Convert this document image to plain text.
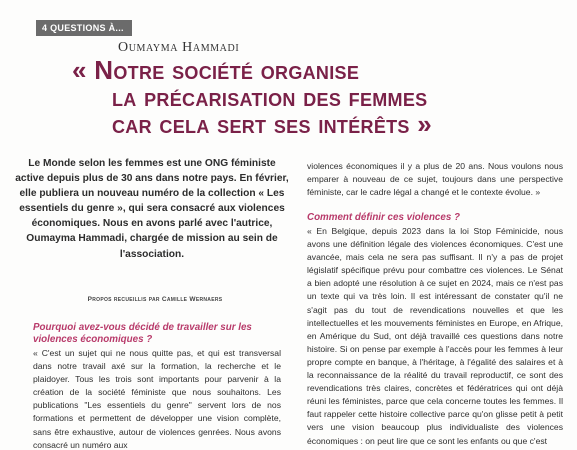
4 QUESTIONS À...
Oumayma Hammadi
« Notre société organise
la précarisation des femmes
car cela sert ses intérêts »

Le Monde selon les femmes est une ONG féministe active depuis plus de 30 ans dans notre pays. En février, elle publiera un nouveau numéro de la collection « Les essentiels du genre », qui sera consacré aux violences économiques. Nous en avons parlé avec l'autrice, Oumayma Hammadi, chargée de mission au sein de l'association.

Propos recueillis par Camille Wernaers
Pourquoi avez-vous décidé de travailler sur les violences économiques ?

« C'est un sujet qui ne nous quitte pas, et qui est transversal dans notre travail axé sur la formation, la recherche et le plaidoyer. Tous les trois sont importants pour parvenir à la création de la société féministe que nous souhaitons. Les publications "Les essentiels du genre" servent lors de nos formations et permettent de développer une vision complète, sans être exhaustive, autour de violences genrées. Nous avons consacré un numéro aux

violences économiques il y a plus de 20 ans. Nous voulons nous emparer à nouveau de ce sujet, toujours dans une perspective féministe, car le cadre légal a changé et le contexte évolue. »

Comment définir ces violences ?

« En Belgique, depuis 2023 dans la loi Stop Féminicide, nous avons une définition légale des violences économiques. C'est une avancée, mais cela ne sera pas suffisant. Il n'y a pas de projet législatif spécifique prévu pour combattre ces violences. Le Sénat a bien adopté une résolution à ce sujet en 2024, mais ce n'est pas un texte qui va très loin. Il est intéressant de constater qu'il ne s'agit pas du tout de revendications nouvelles et que les intellectuelles et les mouvements féministes en Europe, en Afrique, en Amérique du Sud, ont déjà travaillé ces questions dans notre histoire. Si on pense par exemple à l'accès pour les femmes à leur propre compte en banque, à l'héritage, à l'égalité des salaires et à la reconnaissance de la réalité du travail reproductif, ce sont des revendications très claires, concrètes et fédératrices qui ont déjà réuni les féministes, parce que cela concerne toutes les femmes. Il faut rappeler cette histoire collective parce qu'on glisse petit à petit vers une vision beaucoup plus individualiste des violences économiques : on peut lire que ce sont les enfants ou que c'est
